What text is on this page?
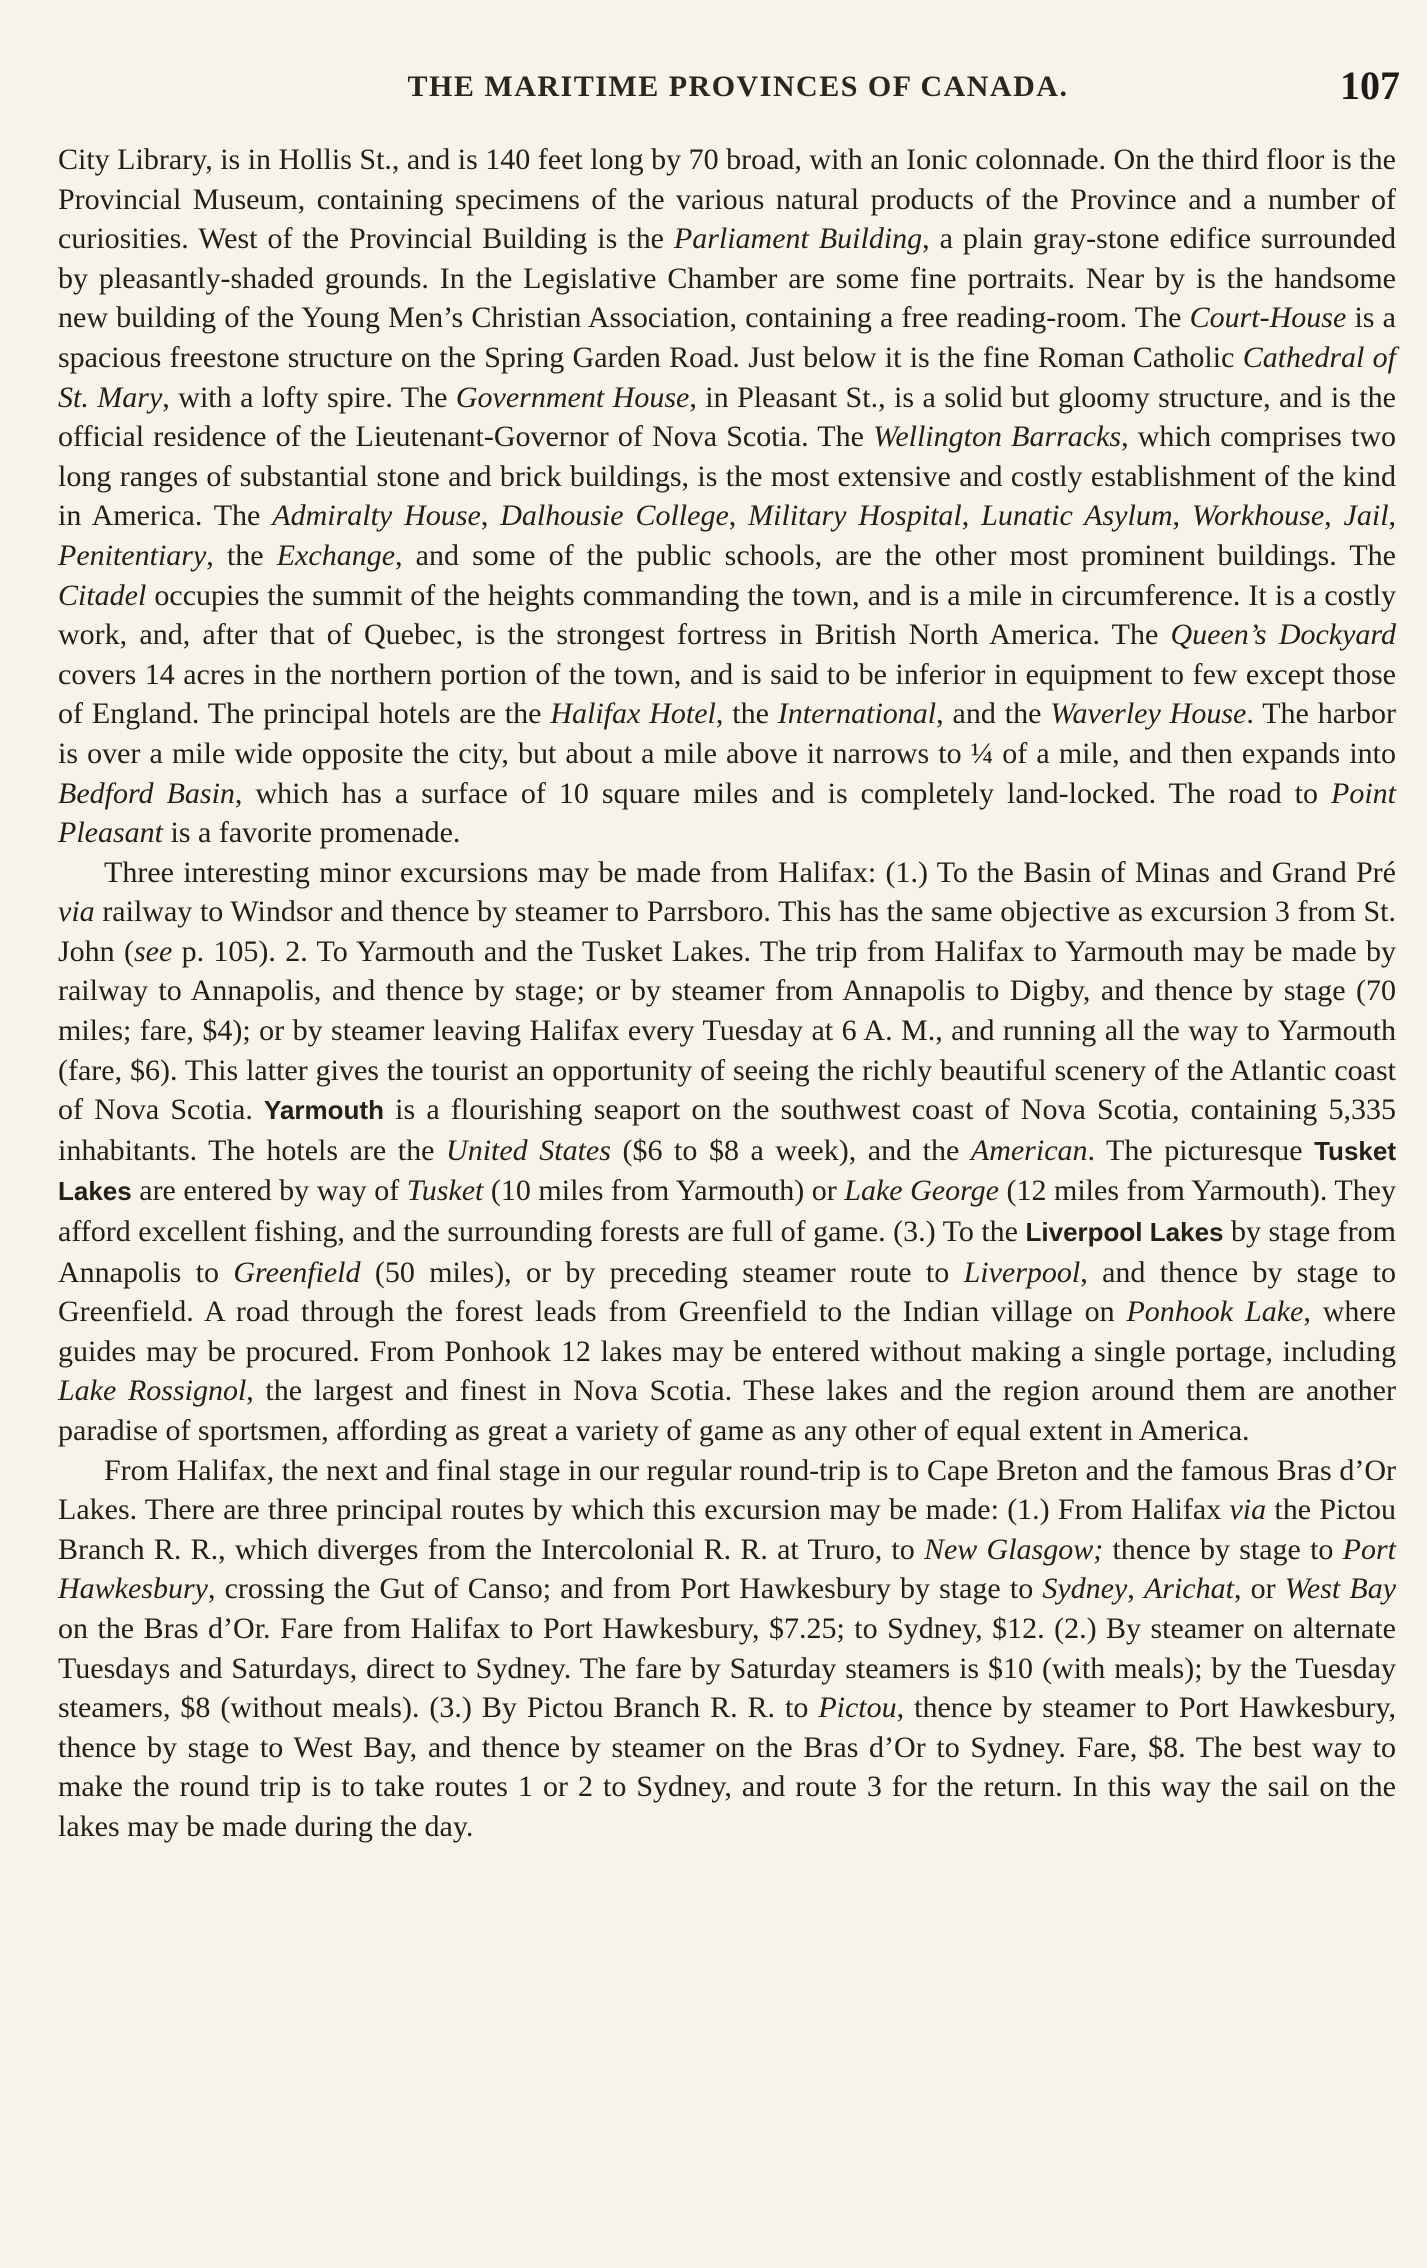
THE MARITIME PROVINCES OF CANADA.	107

City Library, is in Hollis St., and is 140 feet long by 70 broad, with an Ionic colonnade. On the third floor is the Provincial Museum, containing specimens of the various natural products of the Province and a number of curiosities. West of the Provincial Building is the Parliament Building, a plain gray-stone edifice surrounded by pleasantly-shaded grounds. In the Legislative Chamber are some fine portraits. Near by is the handsome new building of the Young Men’s Christian Association, containing a free reading-room. The Court-House is a spacious freestone structure on the Spring Garden Road. Just below it is the fine Roman Catholic Cathedral of St. Mary, with a lofty spire. The Government House, in Pleasant St., is a solid but gloomy structure, and is the official residence of the Lieutenant-Governor of Nova Scotia. The Wellington Barracks, which comprises two long ranges of substantial stone and brick buildings, is the most extensive and costly establishment of the kind in America. The Admiralty House, Dalhousie College, Military Hospital, Lunatic Asylum, Workhouse, Jail, Penitentiary, the Exchange, and some of the public schools, are the other most prominent buildings. The Citadel occupies the summit of the heights commanding the town, and is a mile in circumference. It is a costly work, and, after that of Quebec, is the strongest fortress in British North America. The Queen’s Dockyard covers 14 acres in the northern portion of the town, and is said to be inferior in equipment to few except those of England. The principal hotels are the Halifax Hotel, the International, and the Waverley House. The harbor is over a mile wide opposite the city, but about a mile above it narrows to ¼ of a mile, and then expands into Bedford Basin, which has a surface of 10 square miles and is completely land-locked. The road to Point Pleasant is a favorite promenade.

Three interesting minor excursions may be made from Halifax: (1.) To the Basin of Minas and Grand Pré via railway to Windsor and thence by steamer to Parrsboro. This has the same objective as excursion 3 from St. John (see p. 105). 2. To Yarmouth and the Tusket Lakes. The trip from Halifax to Yarmouth may be made by railway to Annapolis, and thence by stage; or by steamer from Annapolis to Digby, and thence by stage (70 miles; fare, $4); or by steamer leaving Halifax every Tuesday at 6 A. M., and running all the way to Yarmouth (fare, $6). This latter gives the tourist an opportunity of seeing the richly beautiful scenery of the Atlantic coast of Nova Scotia. Yarmouth is a flourishing seaport on the southwest coast of Nova Scotia, containing 5,335 inhabitants. The hotels are the United States ($6 to $8 a week), and the American. The picturesque Tusket Lakes are entered by way of Tusket (10 miles from Yarmouth) or Lake George (12 miles from Yarmouth). They afford excellent fishing, and the surrounding forests are full of game. (3.) To the Liverpool Lakes by stage from Annapolis to Greenfield (50 miles), or by preceding steamer route to Liverpool, and thence by stage to Greenfield. A road through the forest leads from Greenfield to the Indian village on Ponhook Lake, where guides may be procured. From Ponhook 12 lakes may be entered without making a single portage, including Lake Rossignol, the largest and finest in Nova Scotia. These lakes and the region around them are another paradise of sportsmen, affording as great a variety of game as any other of equal extent in America.

From Halifax, the next and final stage in our regular round-trip is to Cape Breton and the famous Bras d’Or Lakes. There are three principal routes by which this excursion may be made: (1.) From Halifax via the Pictou Branch R. R., which diverges from the Intercolonial R. R. at Truro, to New Glasgow; thence by stage to Port Hawkesbury, crossing the Gut of Canso; and from Port Hawkesbury by stage to Sydney, Arichat, or West Bay on the Bras d’Or. Fare from Halifax to Port Hawkesbury, $7.25; to Sydney, $12. (2.) By steamer on alternate Tuesdays and Saturdays, direct to Sydney. The fare by Saturday steamers is $10 (with meals); by the Tuesday steamers, $8 (without meals). (3.) By Pictou Branch R. R. to Pictou, thence by steamer to Port Hawkesbury, thence by stage to West Bay, and thence by steamer on the Bras d’Or to Sydney. Fare, $8. The best way to make the round trip is to take routes 1 or 2 to Sydney, and route 3 for the return. In this way the sail on the lakes may be made during the day.
